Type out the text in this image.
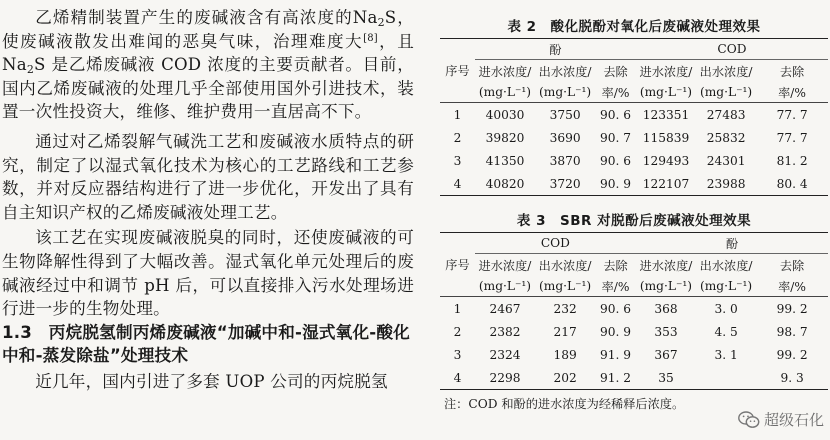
乙烯精制装置产生的废碱液含有高浓度的$Na_2S$，使废碱液散发出难闻的恶臭气味，治理难度大[8]，且 $Na_2S$ 是乙烯废碱液 COD 浓度的主要贡献者。目前，国内乙烯废碱液的处理几乎全部使用国外引进技术，装置一次性投资大，维修、维护费用一直居高不下。

通过对乙烯裂解气碱洗工艺和废碱液水质特点的研究，制定了以湿式氧化技术为核心的工艺路线和工艺参数，并对反应器结构进行了进一步优化，开发出了具有自主知识产权的乙烯废碱液处理工艺。

该工艺在实现废碱液脱臭的同时，还使废碱液的可生物降解性得到了大幅改善。湿式氧化单元处理后的废碱液经过中和调节 pH 后，可以直接排入污水处理场进行进一步的生物处理。

1.3　丙烷脱氢制丙烯废碱液“加碱中和-湿式氧化-酸化中和-蒸发除盐”处理技术

近几年，国内引进了多套 UOP 公司的丙烷脱氢

表 2　酸化脱酚对氧化后废碱液处理效果
序号	酚			COD		
	进水浓度/	出水浓度/	去除	进水浓度/	出水浓度/	去除
	(mg·L⁻¹)	(mg·L⁻¹)	率/%	(mg·L⁻¹)	(mg·L⁻¹)	率/%
1	40030	3750	90. 6	123351	27483	77. 7
2	39820	3690	90. 7	115839	25832	77. 7
3	41350	3870	90. 6	129493	24301	81. 2
4	40820	3720	90. 9	122107	23988	80. 4
表 3　SBR 对脱酚后废碱液处理效果
序号	COD			酚		
	进水浓度/	出水浓度/	去除	进水浓度/	出水浓度/	去除
	(mg·L⁻¹)	(mg·L⁻¹)	率/%	(mg·L⁻¹)	(mg·L⁻¹)	率/%
1	2467	232	90. 6	368	3. 0	99. 2
2	2382	217	90. 9	353	4. 5	98. 7
3	2324	189	91. 9	367	3. 1	99. 2
4	2298	202	91. 2	35		9. 3
注：COD 和酚的进水浓度为经稀释后浓度。
超级石化
